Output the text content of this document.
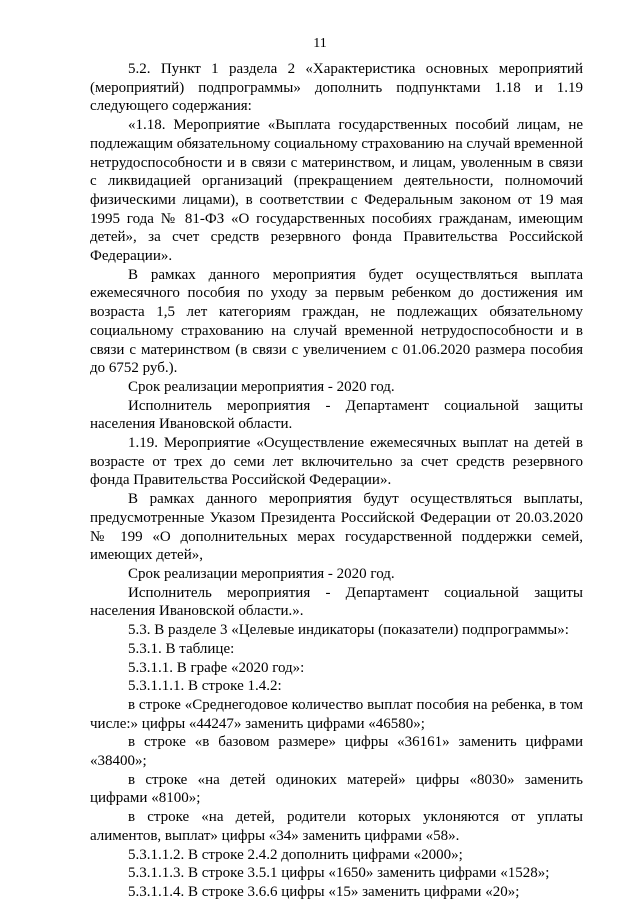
11

5.2. Пункт 1 раздела 2 «Характеристика основных мероприятий (мероприятий) подпрограммы» дополнить подпунктами 1.18 и 1.19 следующего содержания:

«1.18. Мероприятие «Выплата государственных пособий лицам, не подлежащим обязательному социальному страхованию на случай временной нетрудоспособности и в связи с материнством, и лицам, уволенным в связи с ликвидацией организаций (прекращением деятельности, полномочий физическими лицами), в соответствии с Федеральным законом от 19 мая 1995 года № 81-ФЗ «О государственных пособиях гражданам, имеющим детей», за счет средств резервного фонда Правительства Российской Федерации».

В рамках данного мероприятия будет осуществляться выплата ежемесячного пособия по уходу за первым ребенком до достижения им возраста 1,5 лет категориям граждан, не подлежащих обязательному социальному страхованию на случай временной нетрудоспособности и в связи с материнством (в связи с увеличением с 01.06.2020 размера пособия до 6752 руб.).

Срок реализации мероприятия - 2020 год.

Исполнитель мероприятия - Департамент социальной защиты населения Ивановской области.

1.19. Мероприятие «Осуществление ежемесячных выплат на детей в возрасте от трех до семи лет включительно за счет средств резервного фонда Правительства Российской Федерации».

В рамках данного мероприятия будут осуществляться выплаты, предусмотренные Указом Президента Российской Федерации от 20.03.2020 № 199 «О дополнительных мерах государственной поддержки семей, имеющих детей»,

Срок реализации мероприятия - 2020 год.

Исполнитель мероприятия - Департамент социальной защиты населения Ивановской области.».

5.3. В разделе 3 «Целевые индикаторы (показатели) подпрограммы»:

5.3.1. В таблице:

5.3.1.1. В графе «2020 год»:

5.3.1.1.1. В строке 1.4.2:

в строке «Среднегодовое количество выплат пособия на ребенка, в том числе:» цифры «44247» заменить цифрами «46580»;

в строке «в базовом размере» цифры «36161» заменить цифрами «38400»;

в строке «на детей одиноких матерей» цифры «8030» заменить цифрами «8100»;

в строке «на детей, родители которых уклоняются от уплаты алиментов, выплат» цифры «34» заменить цифрами «58».

5.3.1.1.2. В строке 2.4.2 дополнить цифрами «2000»;

5.3.1.1.3. В строке 3.5.1 цифры «1650» заменить цифрами «1528»;

5.3.1.1.4. В строке 3.6.6 цифры «15» заменить цифрами «20»;
